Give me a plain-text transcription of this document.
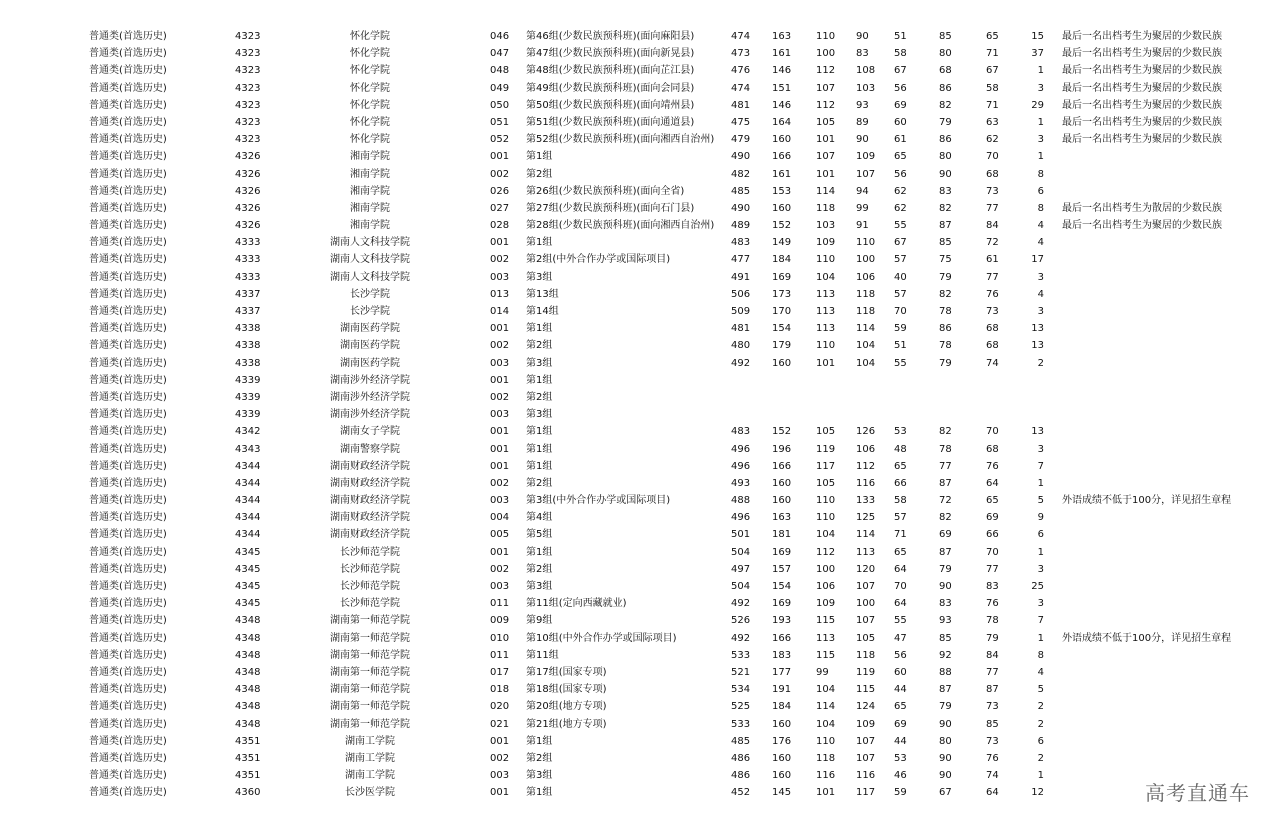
普通类(首选历史)	4323	怀化学院	046 第46组(少数民族预科班)(面向麻阳县)	474 163 110 90	51	85	65	15 最后一名出档考生为聚居的少数民族
普通类(首选历史)	4323	怀化学院	047 第47组(少数民族预科班)(面向新晃县)	473 161 100 83	58	80	71	37 最后一名出档考生为聚居的少数民族
普通类(首选历史)	4323	怀化学院	048 第48组(少数民族预科班)(面向芷江县)	476 146 112 108 67	68	67	1 最后一名出档考生为聚居的少数民族
普通类(首选历史)	4323	怀化学院	049 第49组(少数民族预科班)(面向会同县)	474 151 107 103 56	86	58	3 最后一名出档考生为聚居的少数民族
普通类(首选历史)	4323	怀化学院	050 第50组(少数民族预科班)(面向靖州县)	481 146 112 93	69	82	71	29 最后一名出档考生为聚居的少数民族
普通类(首选历史)	4323	怀化学院	051 第51组(少数民族预科班)(面向通道县)	475 164 105 89	60	79	63	1 最后一名出档考生为聚居的少数民族
普通类(首选历史)	4323	怀化学院	052 第52组(少数民族预科班)(面向湘西自治州) 479 160 101 90	61	86	62	3 最后一名出档考生为聚居的少数民族
普通类(首选历史)	4326	湘南学院	001 第1组	490 166 107 109 65	80	70	1
普通类(首选历史)	4326	湘南学院	002 第2组	482 161 101 107 56	90	68	8
普通类(首选历史)	4326	湘南学院	026 第26组(少数民族预科班)(面向全省)	485 153 114 94	62	83	73	6
普通类(首选历史)	4326	湘南学院	027 第27组(少数民族预科班)(面向石门县)	490 160 118 99	62	82	77	8 最后一名出档考生为散居的少数民族
普通类(首选历史)	4326	湘南学院	028 第28组(少数民族预科班)(面向湘西自治州) 489 152 103 91	55	87	84	4 最后一名出档考生为聚居的少数民族
普通类(首选历史)	4333	湖南人文科技学院	001 第1组	483 149 109 110 67	85	72	4
普通类(首选历史)	4333	湖南人文科技学院	002 第2组(中外合作办学或国际项目)	477 184 110 100 57	75	61	17
普通类(首选历史)	4333	湖南人文科技学院	003 第3组	491 169 104 106 40	79	77	3
普通类(首选历史)	4337	长沙学院	013 第13组	506 173 113 118 57	82	76	4
普通类(首选历史)	4337	长沙学院	014 第14组	509 170 113 118 70	78	73	3
普通类(首选历史)	4338	湖南医药学院	001 第1组	481 154 113 114 59	86	68	13
普通类(首选历史)	4338	湖南医药学院	002 第2组	480 179 110 104 51	78	68	13
普通类(首选历史)	4338	湖南医药学院	003 第3组	492 160 101 104 55	79	74	2
普通类(首选历史)	4339	湖南涉外经济学院	001 第1组
普通类(首选历史)	4339	湖南涉外经济学院	002 第2组
普通类(首选历史)	4339	湖南涉外经济学院	003 第3组
普通类(首选历史)	4342	湖南女子学院	001 第1组	483 152 105 126 53	82	70	13
普通类(首选历史)	4343	湖南警察学院	001 第1组	496 196 119 106 48	78	68	3
普通类(首选历史)	4344	湖南财政经济学院	001 第1组	496 166 117 112 65	77	76	7
普通类(首选历史)	4344	湖南财政经济学院	002 第2组	493 160 105 116 66	87	64	1
普通类(首选历史)	4344	湖南财政经济学院	003 第3组(中外合作办学或国际项目)	488 160 110 133 58	72	65	5 外语成绩不低于100分，详见招生章程
普通类(首选历史)	4344	湖南财政经济学院	004 第4组	496 163 110 125 57	82	69	9
普通类(首选历史)	4344	湖南财政经济学院	005 第5组	501 181 104 114 71	69	66	6
普通类(首选历史)	4345	长沙师范学院	001 第1组	504 169 112 113 65	87	70	1
普通类(首选历史)	4345	长沙师范学院	002 第2组	497 157 100 120 64	79	77	3
普通类(首选历史)	4345	长沙师范学院	003 第3组	504 154 106 107 70	90	83	25
普通类(首选历史)	4345	长沙师范学院	011 第11组(定向西藏就业)	492 169 109 100 64	83	76	3
普通类(首选历史)	4348	湖南第一师范学院	009 第9组	526 193 115 107 55	93	78	7
普通类(首选历史)	4348	湖南第一师范学院	010 第10组(中外合作办学或国际项目)	492 166 113 105 47	85	79	1 外语成绩不低于100分，详见招生章程
普通类(首选历史)	4348	湖南第一师范学院	011 第11组	533 183 115 118 56	92	84	8
普通类(首选历史)	4348	湖南第一师范学院	017 第17组(国家专项)	521 177 99	119 60	88	77	4
普通类(首选历史)	4348	湖南第一师范学院	018 第18组(国家专项)	534 191 104 115 44	87	87	5
普通类(首选历史)	4348	湖南第一师范学院	020 第20组(地方专项)	525 184 114 124 65	79	73	2
普通类(首选历史)	4348	湖南第一师范学院	021 第21组(地方专项)	533 160 104 109 69	90	85	2
普通类(首选历史)	4351	湖南工学院	001 第1组	485 176 110 107 44	80	73	6
普通类(首选历史)	4351	湖南工学院	002 第2组	486 160 118 107 53	90	76	2
普通类(首选历史)	4351	湖南工学院	003 第3组	486 160 116 116 46	90	74	1
普通类(首选历史)	4360	长沙医学院	001 第1组	452 145 101 117 59	67	64	12	高考直通车
